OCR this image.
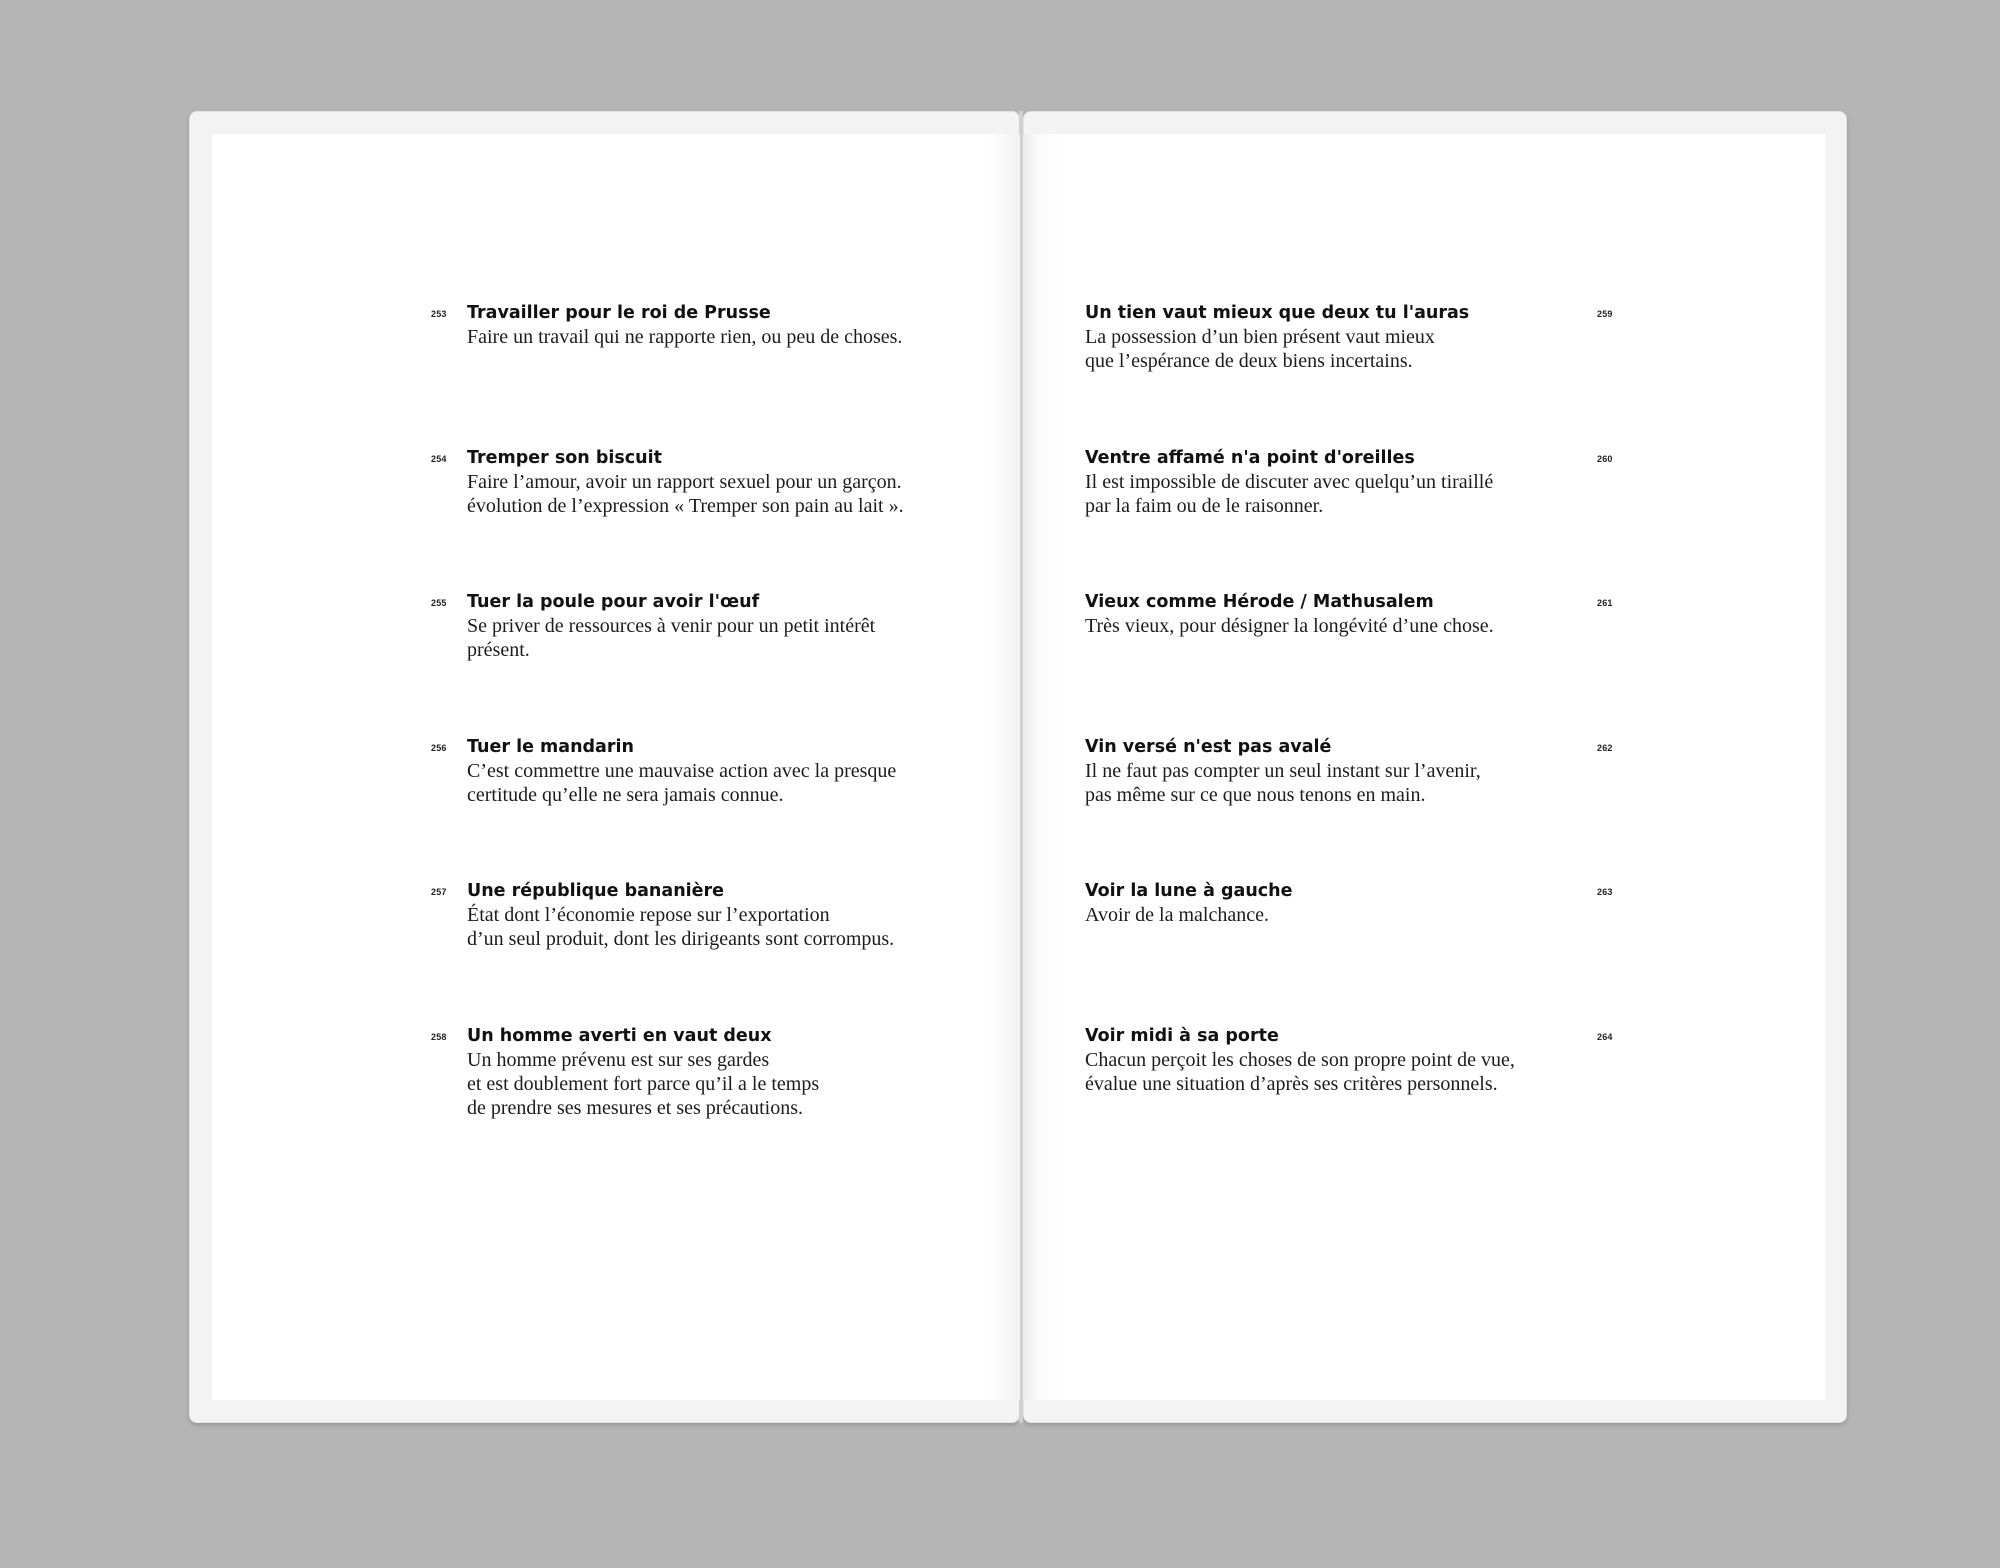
253 Travailler pour le roi de Prusse
Faire un travail qui ne rapporte rien, ou peu de choses.
254 Tremper son biscuit
Faire l’amour, avoir un rapport sexuel pour un garçon.
évolution de l’expression « Tremper son pain au lait ».
255 Tuer la poule pour avoir l'œuf
Se priver de ressources à venir pour un petit intérêt
présent.
256 Tuer le mandarin
C’est commettre une mauvaise action avec la presque
certitude qu’elle ne sera jamais connue.
257 Une république bananière
État dont l’économie repose sur l’exportation
d’un seul produit, dont les dirigeants sont corrompus.
258 Un homme averti en vaut deux
Un homme prévenu est sur ses gardes
et est doublement fort parce qu’il a le temps
de prendre ses mesures et ses précautions.
259
Un tien vaut mieux que deux tu l'auras
La possession d’un bien présent vaut mieux
que l’espérance de deux biens incertains.
260
Ventre affamé n'a point d'oreilles
Il est impossible de discuter avec quelqu’un tiraillé
par la faim ou de le raisonner.
261
Vieux comme Hérode / Mathusalem
Très vieux, pour désigner la longévité d’une chose.
262
Vin versé n'est pas avalé
Il ne faut pas compter un seul instant sur l’avenir,
pas même sur ce que nous tenons en main.
263
Voir la lune à gauche
Avoir de la malchance.
264
Voir midi à sa porte
Chacun perçoit les choses de son propre point de vue,
évalue une situation d’après ses critères personnels.
